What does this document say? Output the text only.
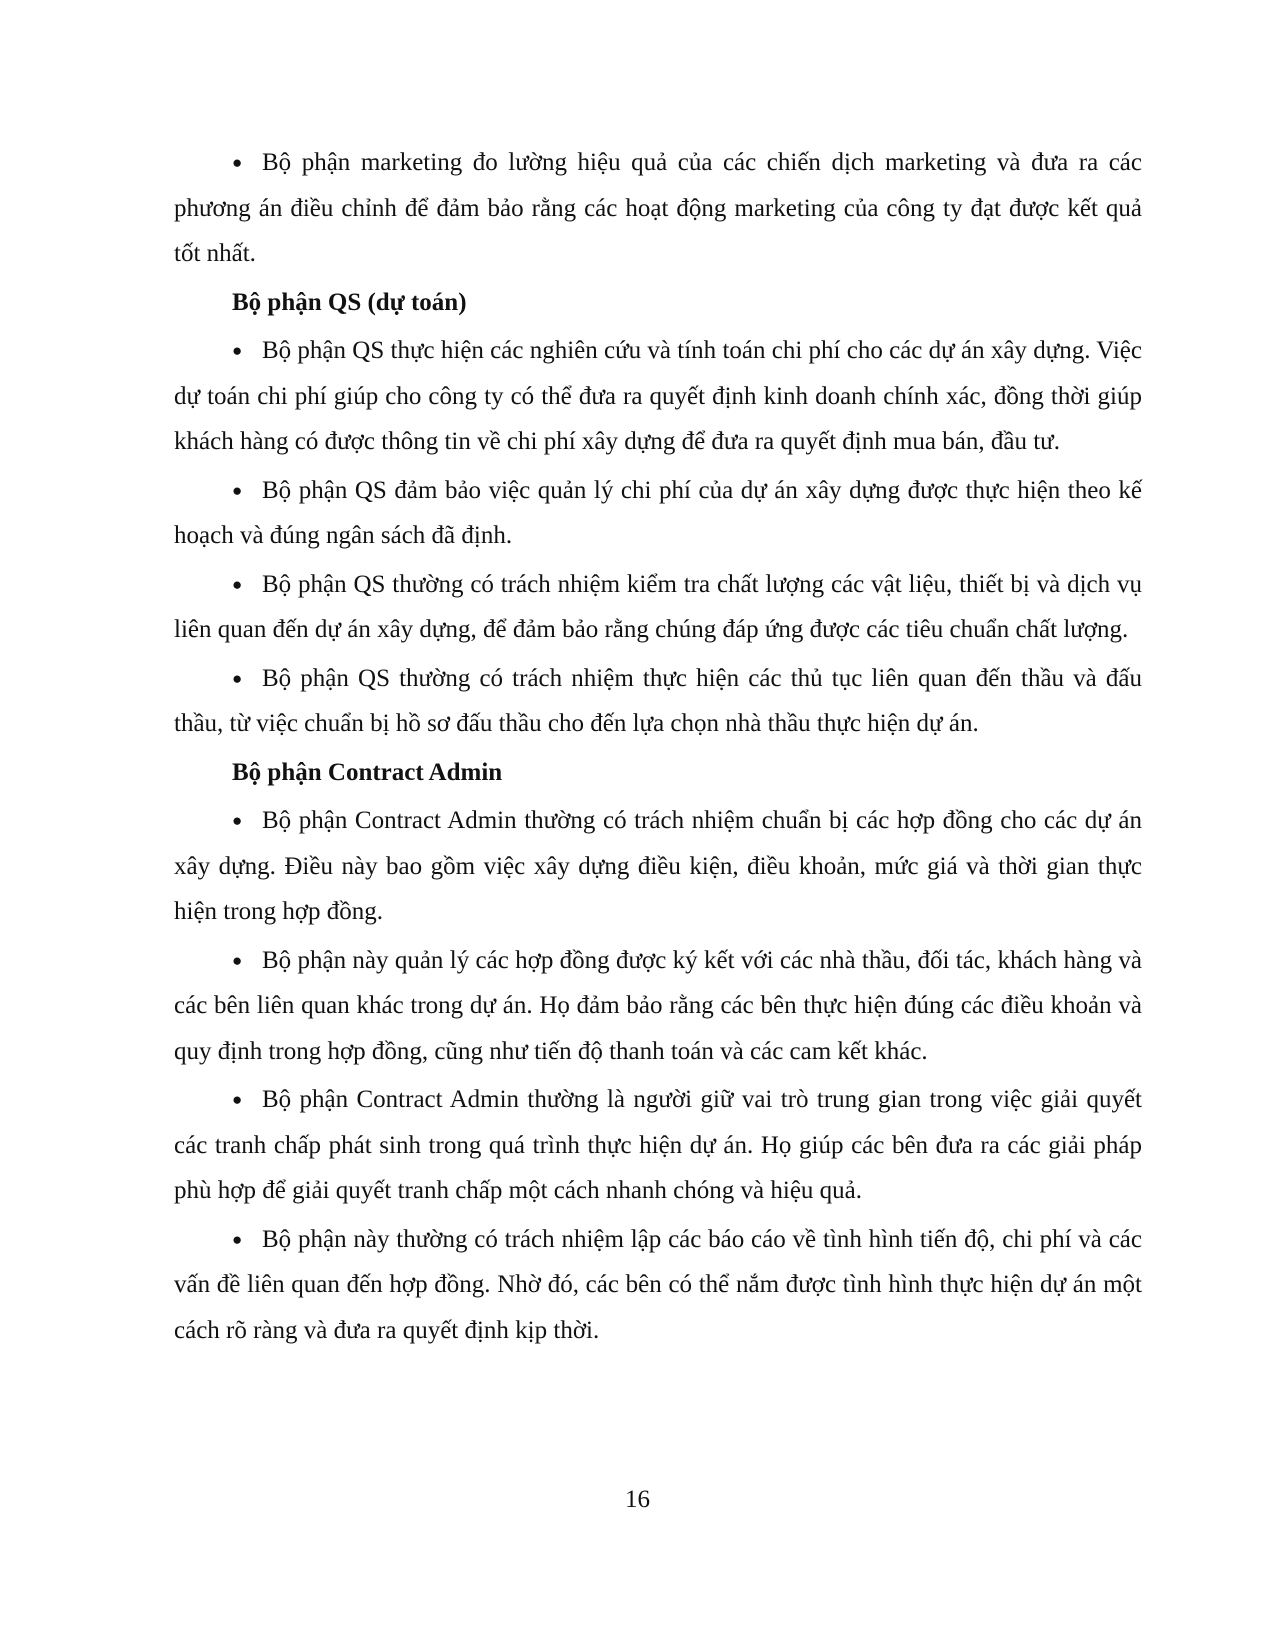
● Bộ phận marketing đo lường hiệu quả của các chiến dịch marketing và đưa ra các phương án điều chỉnh để đảm bảo rằng các hoạt động marketing của công ty đạt được kết quả tốt nhất.

Bộ phận QS (dự toán)

● Bộ phận QS thực hiện các nghiên cứu và tính toán chi phí cho các dự án xây dựng. Việc dự toán chi phí giúp cho công ty có thể đưa ra quyết định kinh doanh chính xác, đồng thời giúp khách hàng có được thông tin về chi phí xây dựng để đưa ra quyết định mua bán, đầu tư.

● Bộ phận QS đảm bảo việc quản lý chi phí của dự án xây dựng được thực hiện theo kế hoạch và đúng ngân sách đã định.

● Bộ phận QS thường có trách nhiệm kiểm tra chất lượng các vật liệu, thiết bị và dịch vụ liên quan đến dự án xây dựng, để đảm bảo rằng chúng đáp ứng được các tiêu chuẩn chất lượng.

● Bộ phận QS thường có trách nhiệm thực hiện các thủ tục liên quan đến thầu và đấu thầu, từ việc chuẩn bị hồ sơ đấu thầu cho đến lựa chọn nhà thầu thực hiện dự án.

Bộ phận Contract Admin

● Bộ phận Contract Admin thường có trách nhiệm chuẩn bị các hợp đồng cho các dự án xây dựng. Điều này bao gồm việc xây dựng điều kiện, điều khoản, mức giá và thời gian thực hiện trong hợp đồng.

● Bộ phận này quản lý các hợp đồng được ký kết với các nhà thầu, đối tác, khách hàng và các bên liên quan khác trong dự án. Họ đảm bảo rằng các bên thực hiện đúng các điều khoản và quy định trong hợp đồng, cũng như tiến độ thanh toán và các cam kết khác.

● Bộ phận Contract Admin thường là người giữ vai trò trung gian trong việc giải quyết các tranh chấp phát sinh trong quá trình thực hiện dự án. Họ giúp các bên đưa ra các giải pháp phù hợp để giải quyết tranh chấp một cách nhanh chóng và hiệu quả.

● Bộ phận này thường có trách nhiệm lập các báo cáo về tình hình tiến độ, chi phí và các vấn đề liên quan đến hợp đồng. Nhờ đó, các bên có thể nắm được tình hình thực hiện dự án một cách rõ ràng và đưa ra quyết định kịp thời.

16
